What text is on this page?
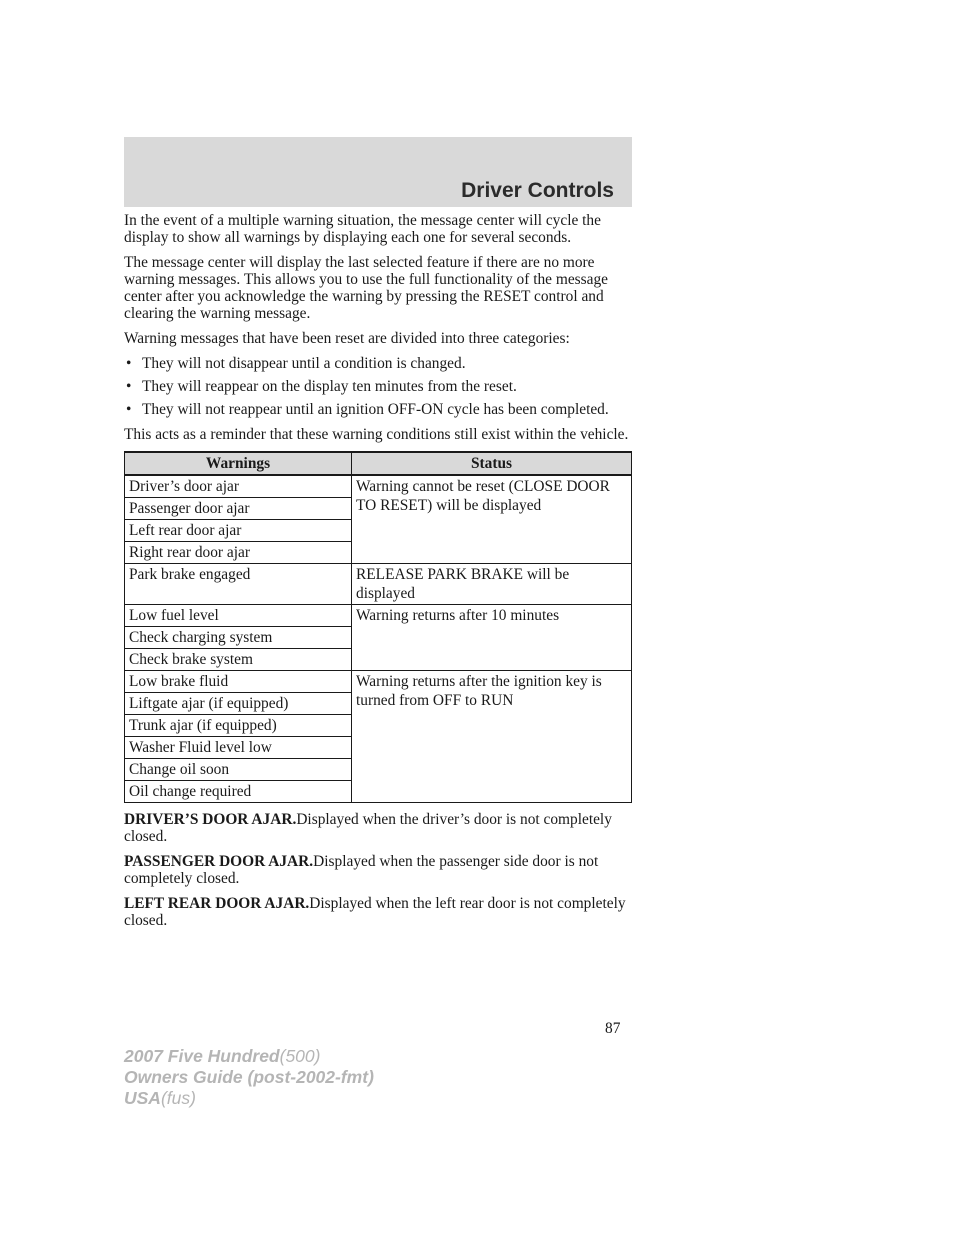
Driver Controls

In the event of a multiple warning situation, the message center will cycle the display to show all warnings by displaying each one for several seconds.

The message center will display the last selected feature if there are no more warning messages. This allows you to use the full functionality of the message center after you acknowledge the warning by pressing the RESET control and clearing the warning message.

Warning messages that have been reset are divided into three categories:

• They will not disappear until a condition is changed.
• They will reappear on the display ten minutes from the reset.
• They will not reappear until an ignition OFF-ON cycle has been completed.

This acts as a reminder that these warning conditions still exist within the vehicle.

Warnings	Status
Driver’s door ajar	Warning cannot be reset (CLOSE DOOR TO RESET) will be displayed
Passenger door ajar	
Left rear door ajar	
Right rear door ajar	
Park brake engaged	RELEASE PARK BRAKE will be displayed
Low fuel level	Warning returns after 10 minutes
Check charging system	
Check brake system	
Low brake fluid	Warning returns after the ignition key is turned from OFF to RUN
Liftgate ajar (if equipped)	
Trunk ajar (if equipped)	
Washer Fluid level low	
Change oil soon	
Oil change required	

DRIVER’S DOOR AJAR.Displayed when the driver’s door is not completely closed.

PASSENGER DOOR AJAR.Displayed when the passenger side door is not completely closed.

LEFT REAR DOOR AJAR.Displayed when the left rear door is not completely closed.

87
2007 Five Hundred(500)
Owners Guide (post-2002-fmt)
USA(fus)
